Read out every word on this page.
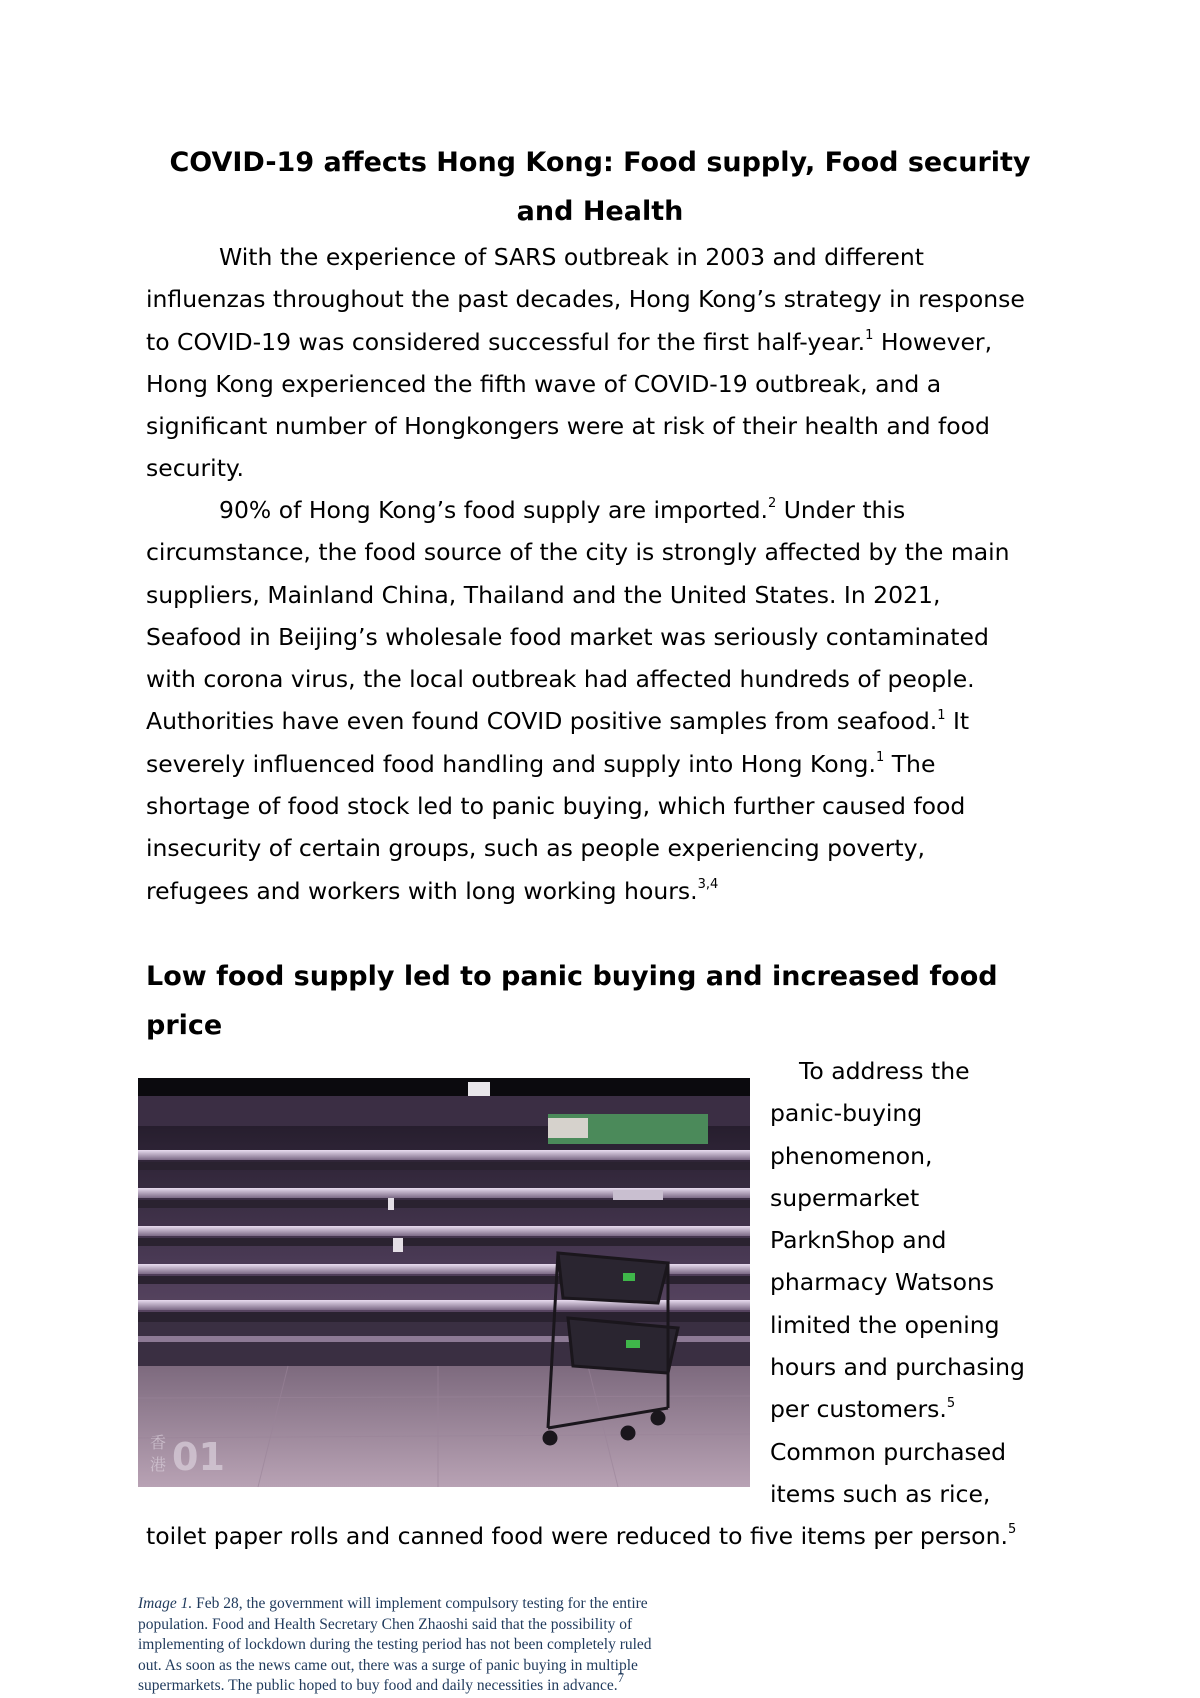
COVID-19 affects Hong Kong: Food supply, Food security
and Health

With the experience of SARS outbreak in 2003 and different
influenzas throughout the past decades, Hong Kong’s strategy in response
to COVID-19 was considered successful for the first half-year.$^1$ However,
Hong Kong experienced the fifth wave of COVID-19 outbreak, and a
significant number of Hongkongers were at risk of their health and food
security.

90% of Hong Kong’s food supply are imported.$^2$ Under this
circumstance, the food source of the city is strongly affected by the main
suppliers, Mainland China, Thailand and the United States. In 2021,
Seafood in Beijing’s wholesale food market was seriously contaminated
with corona virus, the local outbreak had affected hundreds of people.
Authorities have even found COVID positive samples from seafood.$^1$ It
severely influenced food handling and supply into Hong Kong.$^1$ The
shortage of food stock led to panic buying, which further caused food
insecurity of certain groups, such as people experiencing poverty,
refugees and workers with long working hours.$^{3,4}$

Low food supply led to panic buying and increased food
price
香
港 01
To address the
panic-buying
phenomenon,
supermarket
ParknShop and
pharmacy Watsons
limited the opening
hours and purchasing
per customers.$^5$
Common purchased
items such as rice,
toilet paper rolls and canned food were reduced to five items per person.$^5$
Image 1. Feb 28, the government will implement compulsory testing for the entire
population. Food and Health Secretary Chen Zhaoshi said that the possibility of
implementing of lockdown during the testing period has not been completely ruled
out. As soon as the news came out, there was a surge of panic buying in multiple
supermarkets. The public hoped to buy food and daily necessities in advance.$^7$
